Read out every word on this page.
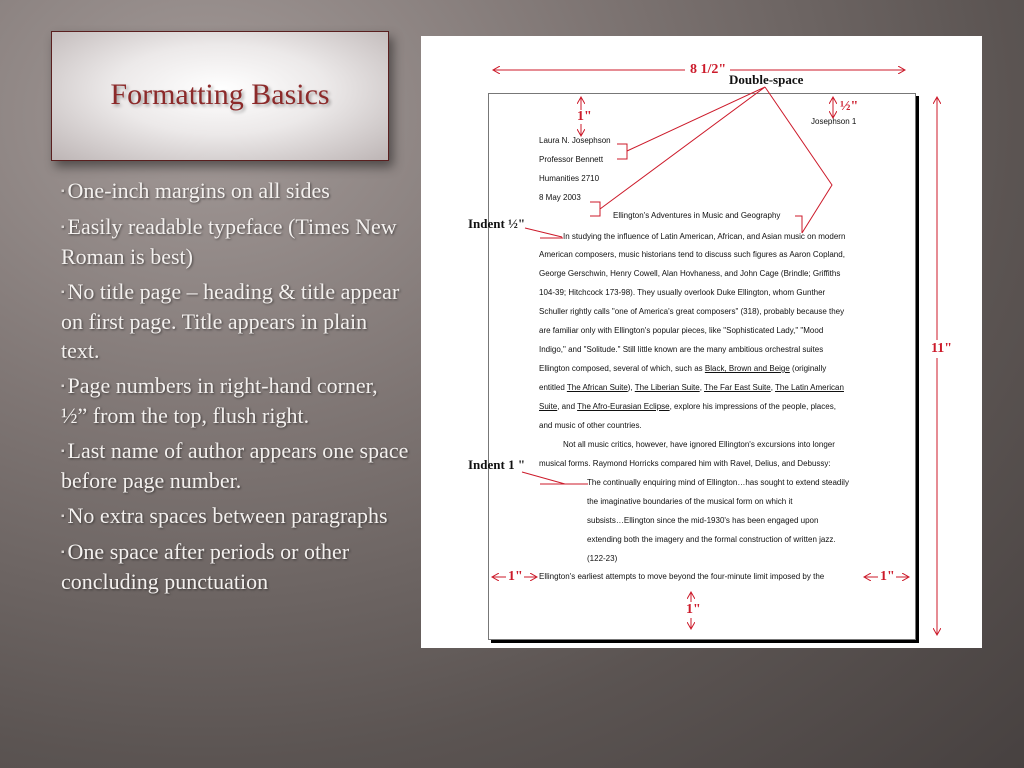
Formatting Basics

▪ One-inch margins on all sides

▪ Easily readable typeface (Times New Roman is best)

▪ No title page – heading & title appear on first page. Title appears in plain text.

▪ Page numbers in right-hand corner, ½” from the top, flush right.

▪ Last name of author appears one space before page number.

▪ No extra spaces between paragraphs

▪ One space after periods or other concluding punctuation

Josephson 1
Laura N. Josephson
Professor Bennett
Humanities 2710
8 May 2003
In studying the influence of Latin American, African, and Asian music on modern
American composers, music historians tend to discuss such figures as Aaron Copland,
George Gerschwin, Henry Cowell, Alan Hovhaness, and John Cage (Brindle; Griffiths
104-39; Hitchcock 173-98). They usually overlook Duke Ellington, whom Gunther
Schuller rightly calls "one of America's great composers" (318), probably because they
are familiar only with Ellington's popular pieces, like "Sophisticated Lady," "Mood
Indigo," and "Solitude." Still little known are the many ambitious orchestral suites
Ellington composed, several of which, such as Black, Brown and Beige (originally
entitled The African Suite), The Liberian Suite, The Far East Suite, The Latin American
Suite, and The Afro-Eurasian Eclipse, explore his impressions of the people, places,
and music of other countries.
Not all music critics, however, have ignored Ellington's excursions into longer
musical forms. Raymond Horricks compared him with Ravel, Delius, and Debussy:
The continually enquiring mind of Ellington…has sought to extend steadily
the imaginative boundaries of the musical form on which it
subsists…Ellington since the mid-1930's has been engaged upon
extending both the imagery and the formal construction of written jazz.
(122-23)
Ellington's Adventures in Music and Geography
Ellington's earliest attempts to move beyond the four-minute limit imposed by the
8 1/2"
Double-space
1"
½"
11"
Indent ½"
Indent 1 "
1"	1"
1"
